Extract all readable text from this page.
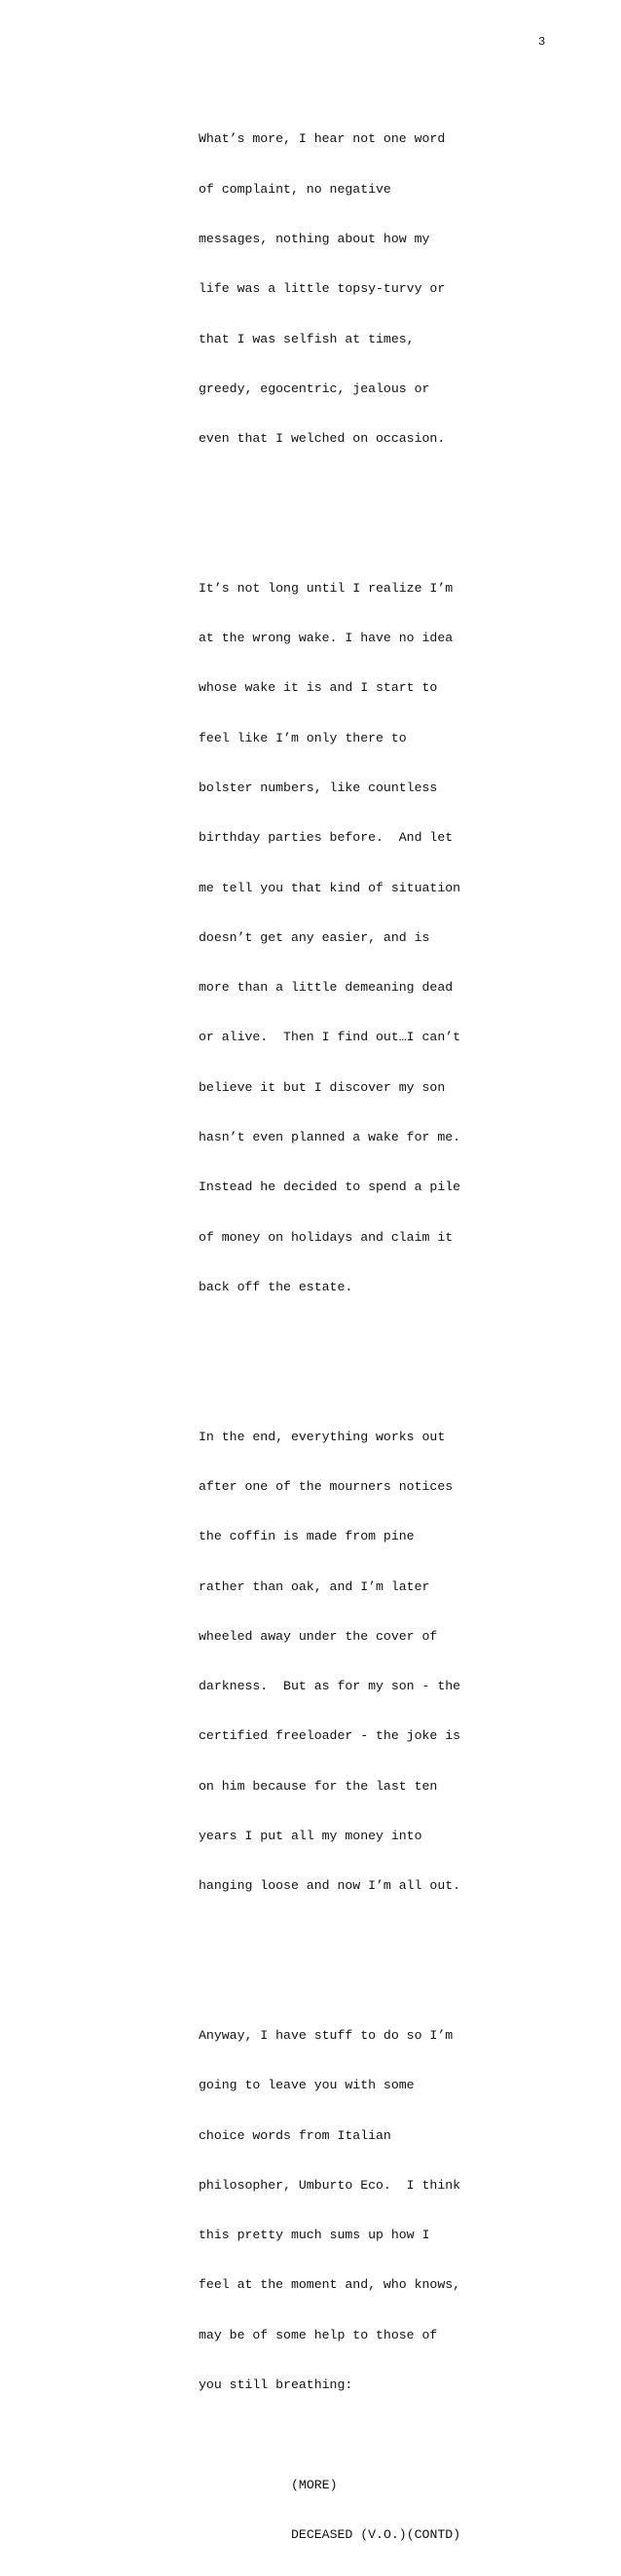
3

What’s more, I hear not one word

of complaint, no negative

messages, nothing about how my

life was a little topsy-turvy or

that I was selfish at times,

greedy, egocentric, jealous or

even that I welched on occasion.

It’s not long until I realize I’m

at the wrong wake. I have no idea

whose wake it is and I start to

feel like I’m only there to

bolster numbers, like countless

birthday parties before.  And let

me tell you that kind of situation

doesn’t get any easier, and is

more than a little demeaning dead

or alive.  Then I find out…I can’t

believe it but I discover my son

hasn’t even planned a wake for me.

Instead he decided to spend a pile

of money on holidays and claim it

back off the estate.

In the end, everything works out

after one of the mourners notices

the coffin is made from pine

rather than oak, and I’m later

wheeled away under the cover of

darkness.  But as for my son - the

certified freeloader - the joke is

on him because for the last ten

years I put all my money into

hanging loose and now I’m all out.

Anyway, I have stuff to do so I’m

going to leave you with some

choice words from Italian

philosopher, Umburto Eco.  I think

this pretty much sums up how I

feel at the moment and, who knows,

may be of some help to those of

you still breathing:

(MORE)

DECEASED (V.O.)(CONTD)
